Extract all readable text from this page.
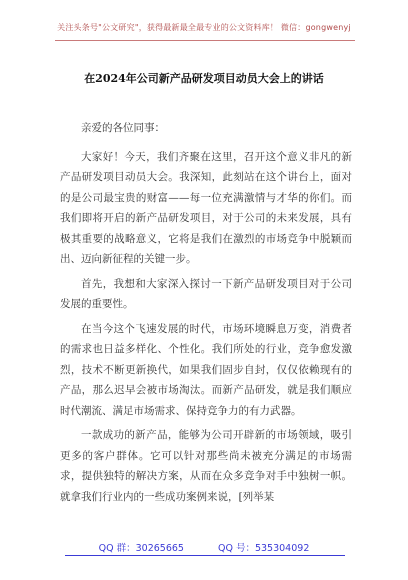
关注头条号"公文研究"，获得最新最全最专业的公文资料库！ 微信：gongwenyj
在2024年公司新产品研发项目动员大会上的讲话

亲爱的各位同事：

大家好！今天，我们齐聚在这里，召开这个意义非凡的新产品研发项目动员大会。我深知，此刻站在这个讲台上，面对的是公司最宝贵的财富——每一位充满激情与才华的你们。而我们即将开启的新产品研发项目，对于公司的未来发展，具有极其重要的战略意义，它将是我们在激烈的市场竞争中脱颖而出、迈向新征程的关键一步。

首先，我想和大家深入探讨一下新产品研发项目对于公司发展的重要性。

在当今这个飞速发展的时代，市场环境瞬息万变，消费者的需求也日益多样化、个性化。我们所处的行业，竞争愈发激烈，技术不断更新换代，如果我们固步自封，仅仅依赖现有的产品，那么迟早会被市场淘汰。而新产品研发，就是我们顺应时代潮流、满足市场需求、保持竞争力的有力武器。

一款成功的新产品，能够为公司开辟新的市场领域，吸引更多的客户群体。它可以针对那些尚未被充分满足的市场需求，提供独特的解决方案，从而在众多竞争对手中独树一帜。就拿我们行业内的一些成功案例来说，[列举某

QQ 群：30265665	QQ 号：535304092
